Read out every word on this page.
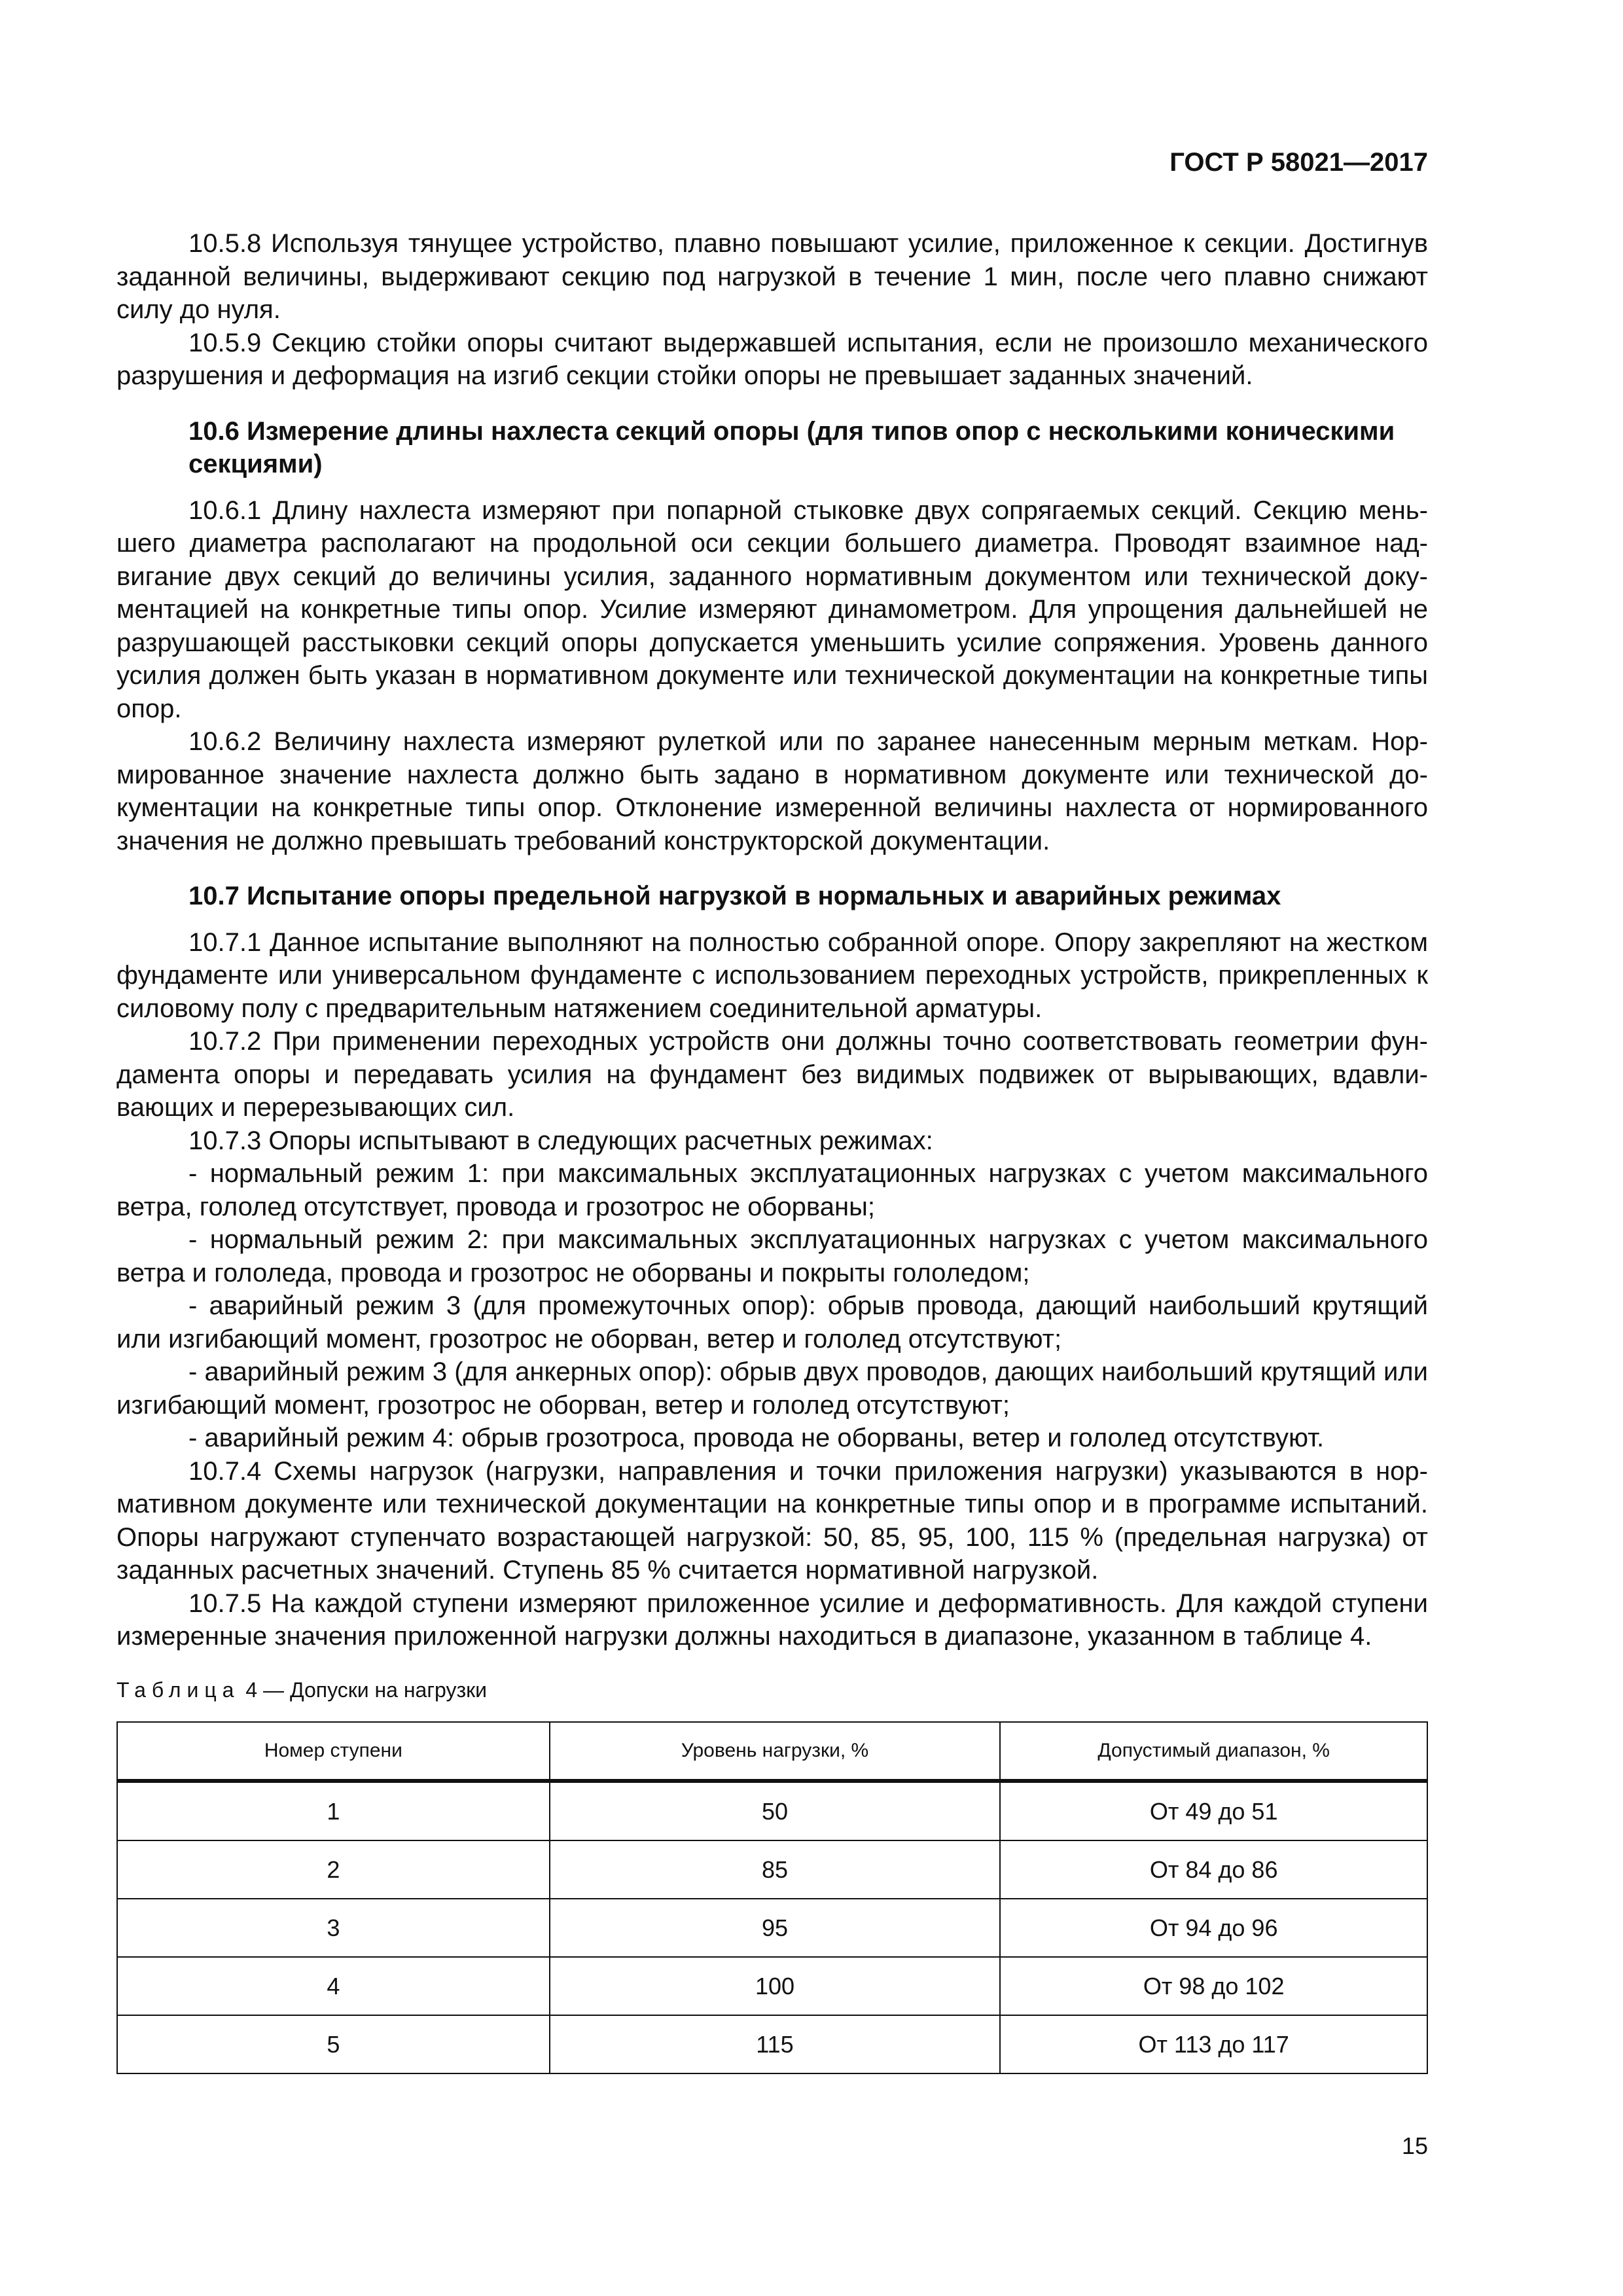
ГОСТ Р 58021—2017

10.5.8 Используя тянущее устройство, плавно повышают усилие, приложенное к секции. Достигнув заданной величины, выдерживают секцию под нагрузкой в течение 1 мин, после чего плавно снижают силу до нуля.

10.5.9 Секцию стойки опоры считают выдержавшей испытания, если не произошло механического разрушения и деформация на изгиб секции стойки опоры не превышает заданных значений.

10.6 Измерение длины нахлеста секций опоры (для типов опор с несколькими коническими секциями)

10.6.1 Длину нахлеста измеряют при попарной стыковке двух сопрягаемых секций. Секцию меньшего диаметра располагают на продольной оси секции большего диаметра. Проводят взаимное надвигание двух секций до величины усилия, заданного нормативным документом или технической документацией на конкретные типы опор. Усилие измеряют динамометром. Для упрощения дальнейшей не разрушающей расстыковки секций опоры допускается уменьшить усилие сопряжения. Уровень данного усилия должен быть указан в нормативном документе или технической документации на конкретные типы опор.

10.6.2 Величину нахлеста измеряют рулеткой или по заранее нанесенным мерным меткам. Нормированное значение нахлеста должно быть задано в нормативном документе или технической документации на конкретные типы опор. Отклонение измеренной величины нахлеста от нормированного значения не должно превышать требований конструкторской документации.

10.7 Испытание опоры предельной нагрузкой в нормальных и аварийных режимах

10.7.1 Данное испытание выполняют на полностью собранной опоре. Опору закрепляют на жестком фундаменте или универсальном фундаменте с использованием переходных устройств, прикрепленных к силовому полу с предварительным натяжением соединительной арматуры.

10.7.2 При применении переходных устройств они должны точно соответствовать геометрии фундамента опоры и передавать усилия на фундамент без видимых подвижек от вырывающих, вдавливающих и перерезывающих сил.

10.7.3 Опоры испытывают в следующих расчетных режимах:

- нормальный режим 1: при максимальных эксплуатационных нагрузках с учетом максимального ветра, гололед отсутствует, провода и грозотрос не оборваны;

- нормальный режим 2: при максимальных эксплуатационных нагрузках с учетом максимального ветра и гололеда, провода и грозотрос не оборваны и покрыты гололедом;

- аварийный режим 3 (для промежуточных опор): обрыв провода, дающий наибольший крутящий или изгибающий момент, грозотрос не оборван, ветер и гололед отсутствуют;

- аварийный режим 3 (для анкерных опор): обрыв двух проводов, дающих наибольший крутящий или изгибающий момент, грозотрос не оборван, ветер и гололед отсутствуют;

- аварийный режим 4: обрыв грозотроса, провода не оборваны, ветер и гололед отсутствуют.

10.7.4 Схемы нагрузок (нагрузки, направления и точки приложения нагрузки) указываются в нормативном документе или технической документации на конкретные типы опор и в программе испытаний. Опоры нагружают ступенчато возрастающей нагрузкой: 50, 85, 95, 100, 115 % (предельная нагрузка) от заданных расчетных значений. Ступень 85 % считается нормативной нагрузкой.

10.7.5 На каждой ступени измеряют приложенное усилие и деформативность. Для каждой ступени измеренные значения приложенной нагрузки должны находиться в диапазоне, указанном в таблице 4.

Таблица 4 — Допуски на нагрузки
Номер ступени	Уровень нагрузки, %	Допустимый диапазон, %
1	50	От 49 до 51
2	85	От 84 до 86
3	95	От 94 до 96
4	100	От 98 до 102
5	115	От 113 до 117
15
